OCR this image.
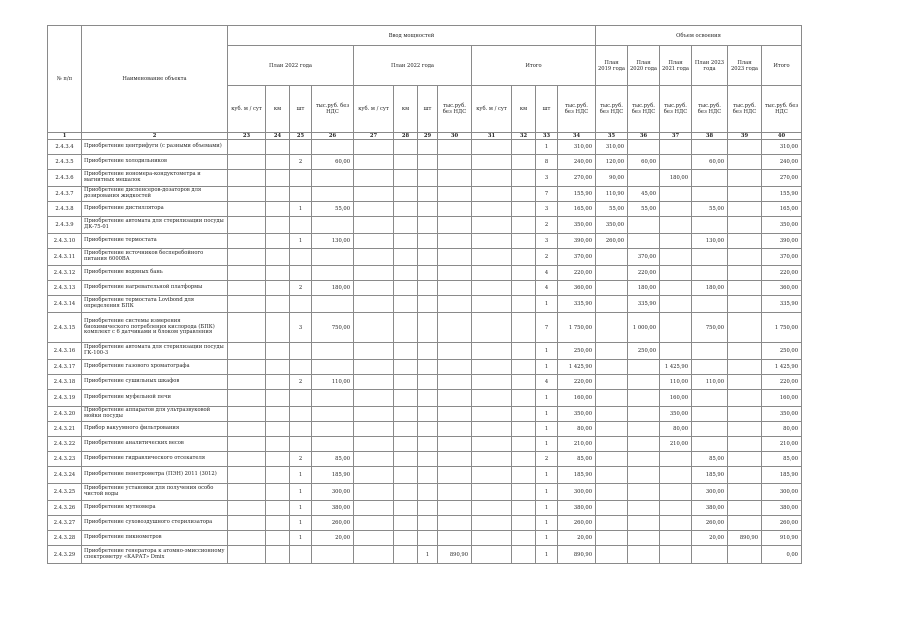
№ п/п	Наименование объекта	Ввод мощностей												Объем освоения					
		План 2022 года				План 2022 года				Итого				План 2019 года	План 2020 года	План 2021 года	План 2023 года	План 2023 года	Итого
		куб. м / сут	км	шт	тыс.руб. без НДС	куб. м / сут	км	шт	тыс.руб. без НДС	куб. м / сут	км	шт	тыс.руб. без НДС	тыс.руб. без НДС	тыс.руб. без НДС	тыс.руб. без НДС	тыс.руб. без НДС	тыс.руб. без НДС	тыс.руб. без НДС
1	2	23	24	25	26	27	28	29	30	31	32	33	34	35	36	37	38	39	40
2.4.3.4	Приобретение центрифуги (с разными объемами)											1	310,00	310,00					310,00
2.4.3.5	Приобретение холодильников			2	60,00							8	240,00	120,00	60,00		60,00		240,00
2.4.3.6	Приобретение иономера-кондуктометра и магнитных мешалок											3	270,00	90,00		180,00			270,00
2.4.3.7	Приобретение диспенсеров-дозаторов для дозирования жидкостей											7	155,90	110,90	45,00				155,90
2.4.3.8	Приобретение дистиллятора			1	55,00							3	165,00	55,00	55,00		55,00		165,00
2.4.3.9	Приобретение автомата для стерилизации посуды ДК-75-01											2	350,00	350,00					350,00
2.4.3.10	Приобретение термостата			1	130,00							3	390,00	260,00			130,00		390,00
2.4.3.11	Приобретение источников бесперебойного питания 6000ВА											2	370,00		370,00				370,00
2.4.3.12	Приобретение водяных бань											4	220,00		220,00				220,00
2.4.3.13	Приобретение нагревательной платформы			2	180,00							4	360,00		180,00		180,00		360,00
2.4.3.14	Приобретение термостата Lovibond для определения БПК											1	335,90		335,90				335,90
2.4.3.15	Приобретение системы измерения биохимического потребления кислорода (БПК) комплект с 6 датчиками и блоком управления			3	750,00							7	1 750,00		1 000,00		750,00		1 750,00
2.4.3.16	Приобретение автомата для стерилизации посуды ГК-100-3											1	250,00		250,00				250,00
2.4.3.17	Приобретение газового хроматографа											1	1 425,90			1 425,90			1 425,90
2.4.3.18	Приобретение сушильных шкафов			2	110,00							4	220,00			110,00	110,00		220,00
2.4.3.19	Приобретение муфельной печи											1	160,00			160,00			160,00
2.4.3.20	Приобретение аппаратов для ультразвуковой мойки посуды											1	350,00			350,00			350,00
2.4.3.21	Прибор вакуумного фильтрования											1	80,00			80,00			80,00
2.4.3.22	Приобретение аналитических весов											1	210,00			210,00			210,00
2.4.3.23	Приобретение гидравлического отсекателя			2	85,00							2	85,00				85,00		85,00
2.4.3.24	Приобретение пенетрометра (ПЭН) 2011 (3012)			1	185,90							1	185,90				185,90		185,90
2.4.3.25	Приобретение установки для получения особо чистой воды			1	300,00							1	300,00				300,00		300,00
2.4.3.26	Приобретение мутномера			1	380,00							1	380,00				380,00		380,00
2.4.3.27	Приобретение суховоздушного стерилизатора			1	260,00							1	260,00				260,00		260,00
2.4.3.28	Приобретение пикнометров			1	20,00							1	20,00				20,00	890,90	910,90
2.4.3.29	Приобретение генератора к атомно-эмиссионному спектрометру «КАРАТ» Dmix							1	890,90			1	890,90						0,00
